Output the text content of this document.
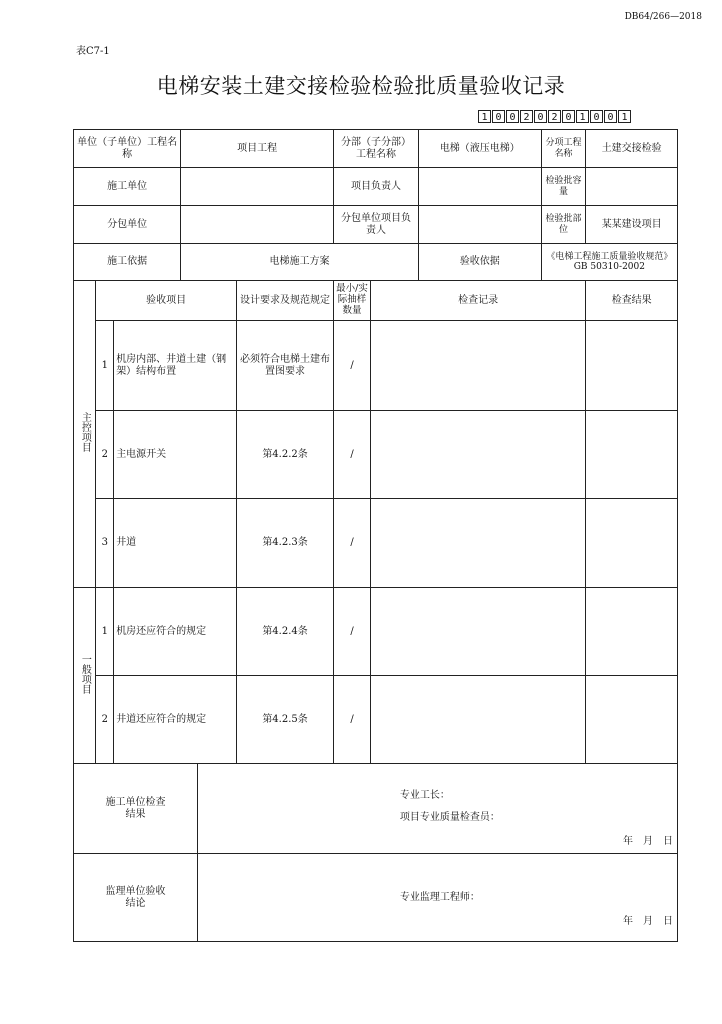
DB64/266—2018
表C7-1
电梯安装土建交接检验检验批质量验收记录
1 0 0 2 0 2 0 1 0 0 1
单位（子单位）工程名称			项目工程			分部（子分部）工程名称		电梯（液压电梯）	分项工程名称	土建交接检验
施工单位						项目负责人			检验批容量	
分包单位						分包单位项目负责人			检验批部位	某某建设项目
施工依据			电梯施工方案					验收依据	《电梯工程施工质量验收规范》GB 50310-2002	
主控项目	验收项目				设计要求及规范规定	最小/实际抽样数量	检查记录			检查结果
	1	机房内部、井道土建（钢架）结构布置			必须符合电梯土建布置图要求	/				
	2	主电源开关			第4.2.2条	/				
	3	井道			第4.2.3条	/				
一般项目	1	机房还应符合的规定			第4.2.4条	/				
	2	井道还应符合的规定			第4.2.5条	/				

施工单位检查结果				专业工长：
项目专业质量检查员：
年　月　日						

监理单位验收结论				专业监理工程师：
年　月　日						
